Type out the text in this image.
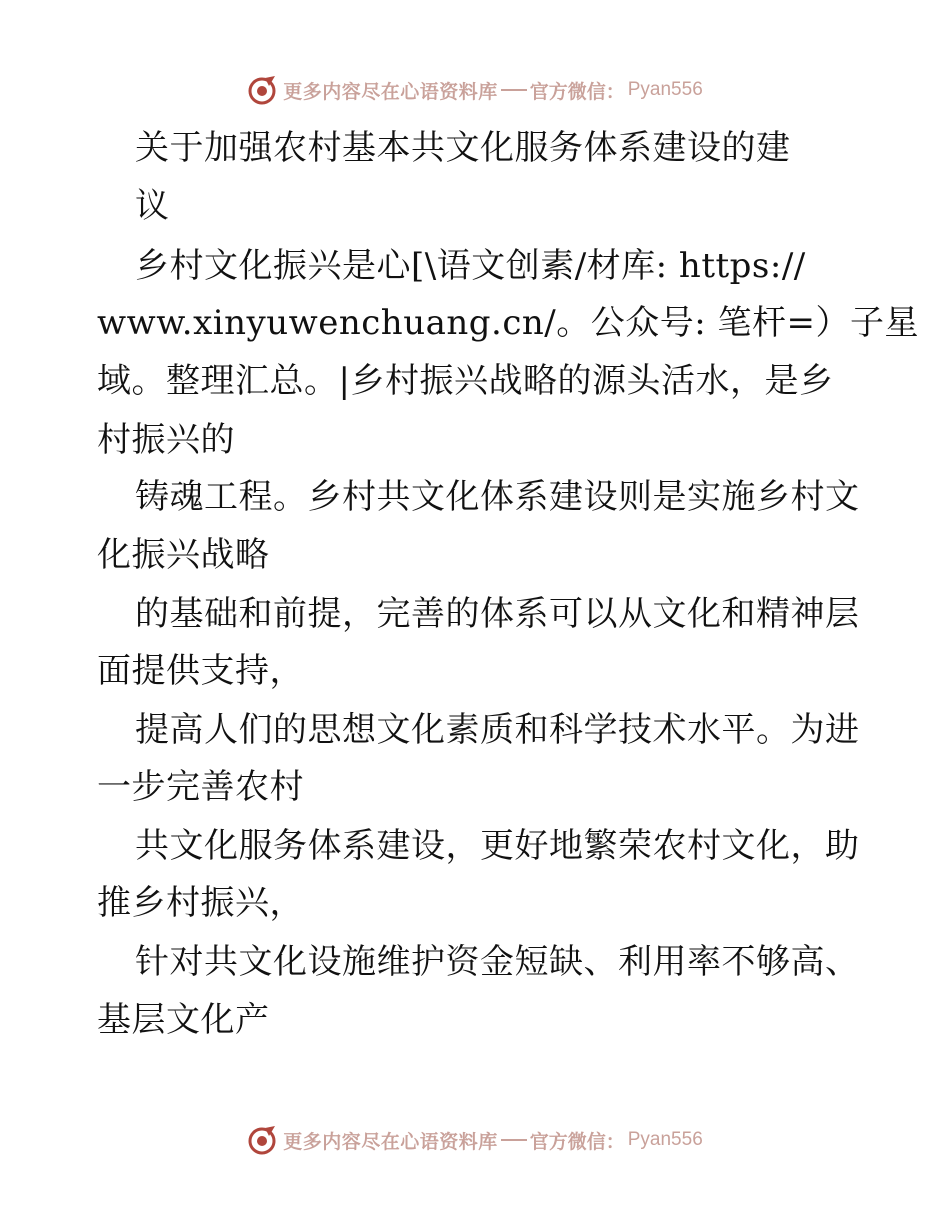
更多内容尽在心语资料库 官方微信： Pyan556
关于加强农村基本共文化服务体系建设的建
议
乡村文化振兴是心[\语文创素/材库: https://
www.xinyuwenchuang.cn/。公众号: 笔杆=）子星
域。整理汇总。|乡村振兴战略的源头活水，是乡
村振兴的
铸魂工程。乡村共文化体系建设则是实施乡村文
化振兴战略
的基础和前提，完善的体系可以从文化和精神层
面提供支持，
提高人们的思想文化素质和科学技术水平。为进
一步完善农村
共文化服务体系建设，更好地繁荣农村文化，助
推乡村振兴，
针对共文化设施维护资金短缺、利用率不够高、
基层文化产
更多内容尽在心语资料库 官方微信： Pyan556
